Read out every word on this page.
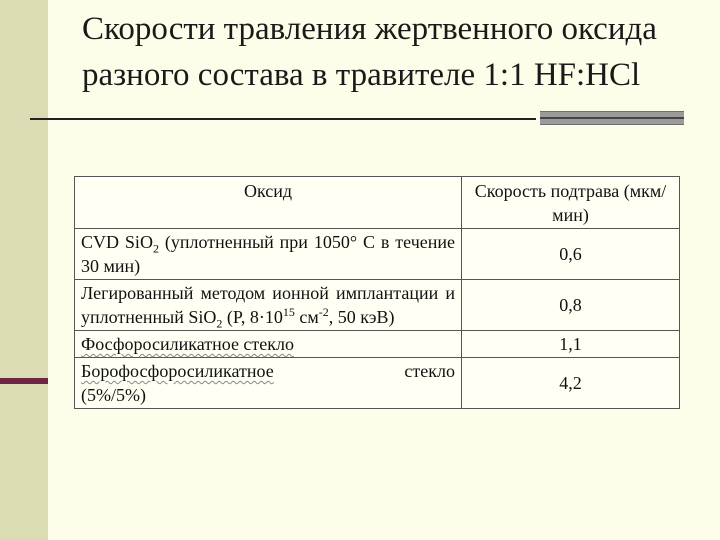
Скорости травления жертвенного оксида разного состава в травителе 1:1 HF:HCl
Оксид	Скорость подтрава (мкм/мин)
CVD SiO$_2$ (уплотненный при 1050° С в течение 30 мин)	0,6
Легированный методом ионной имплантации и уплотненный SiO$_2$ (P, $8\cdot 10^{15}$ $см^{-2}$, 50 кэВ)	0,8
Фосфоросиликатное стекло	1,1

Борофосфоросиликатное стекло
(5%/5%)	4,2
